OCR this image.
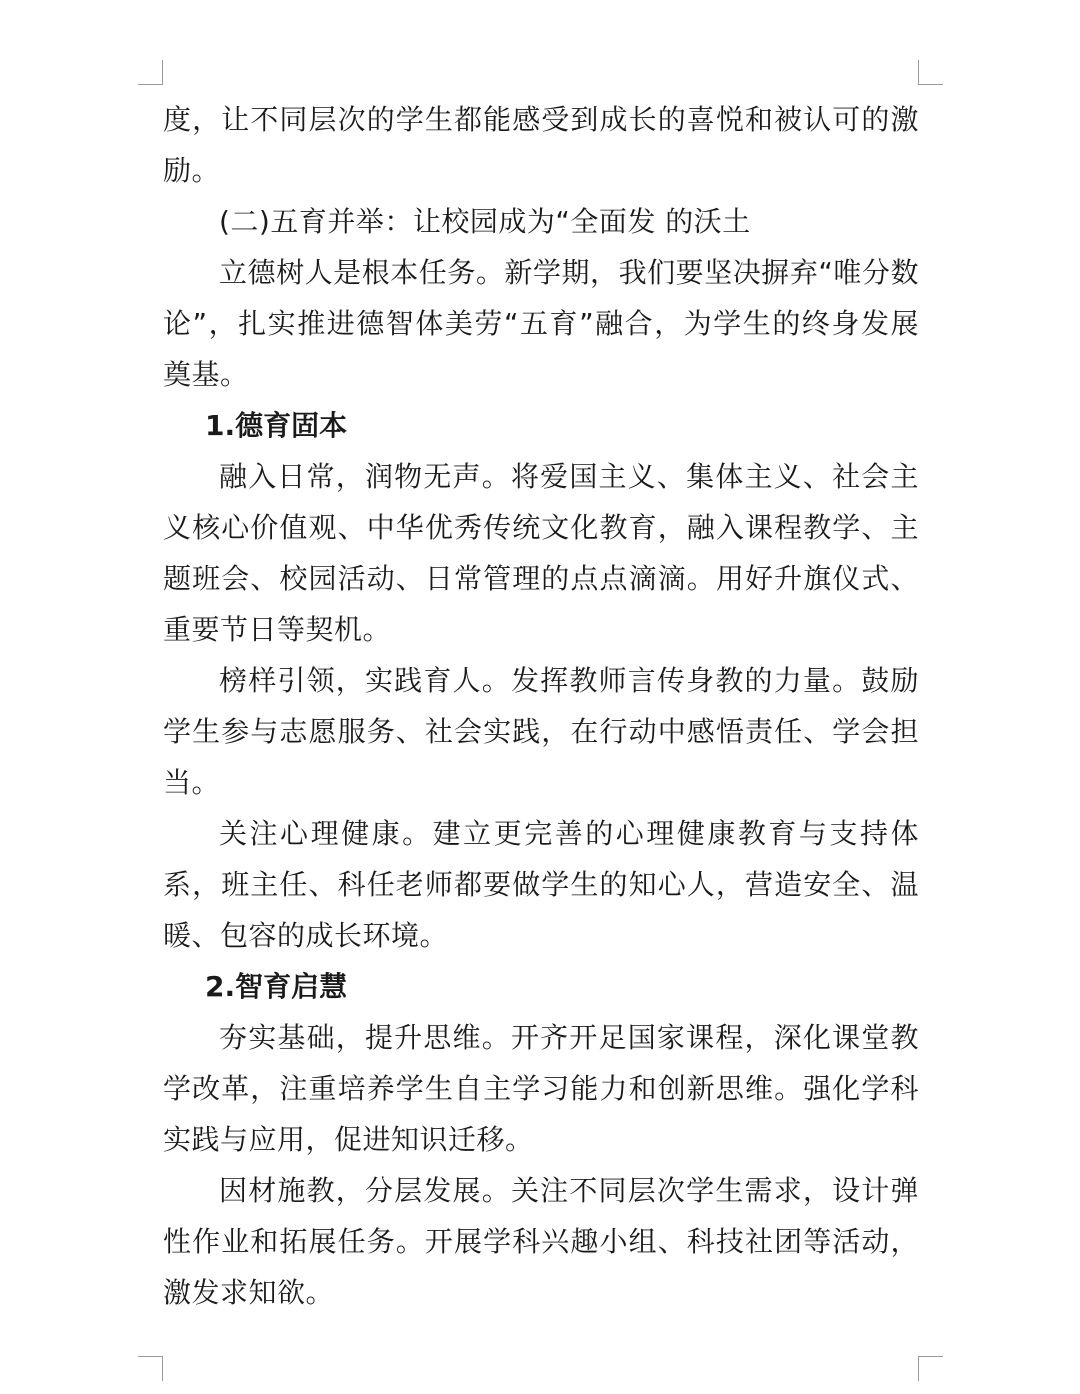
度，让不同层次的学生都能感受到成长的喜悦和被认可的激励。

(二)五育并举：让校园成为“全面发 的沃土

立德树人是根本任务。新学期，我们要坚决摒弃“唯分数论”，扎实推进德智体美劳“五育”融合，为学生的终身发展奠基。

1.德育固本

融入日常，润物无声。将爱国主义、集体主义、社会主义核心价值观、中华优秀传统文化教育，融入课程教学、主题班会、校园活动、日常管理的点点滴滴。用好升旗仪式、重要节日等契机。

榜样引领，实践育人。发挥教师言传身教的力量。鼓励学生参与志愿服务、社会实践，在行动中感悟责任、学会担当。

关注心理健康。建立更完善的心理健康教育与支持体系，班主任、科任老师都要做学生的知心人，营造安全、温暖、包容的成长环境。

2.智育启慧

夯实基础，提升思维。开齐开足国家课程，深化课堂教学改革，注重培养学生自主学习能力和创新思维。强化学科实践与应用，促进知识迁移。

因材施教，分层发展。关注不同层次学生需求，设计弹性作业和拓展任务。开展学科兴趣小组、科技社团等活动，激发求知欲。
